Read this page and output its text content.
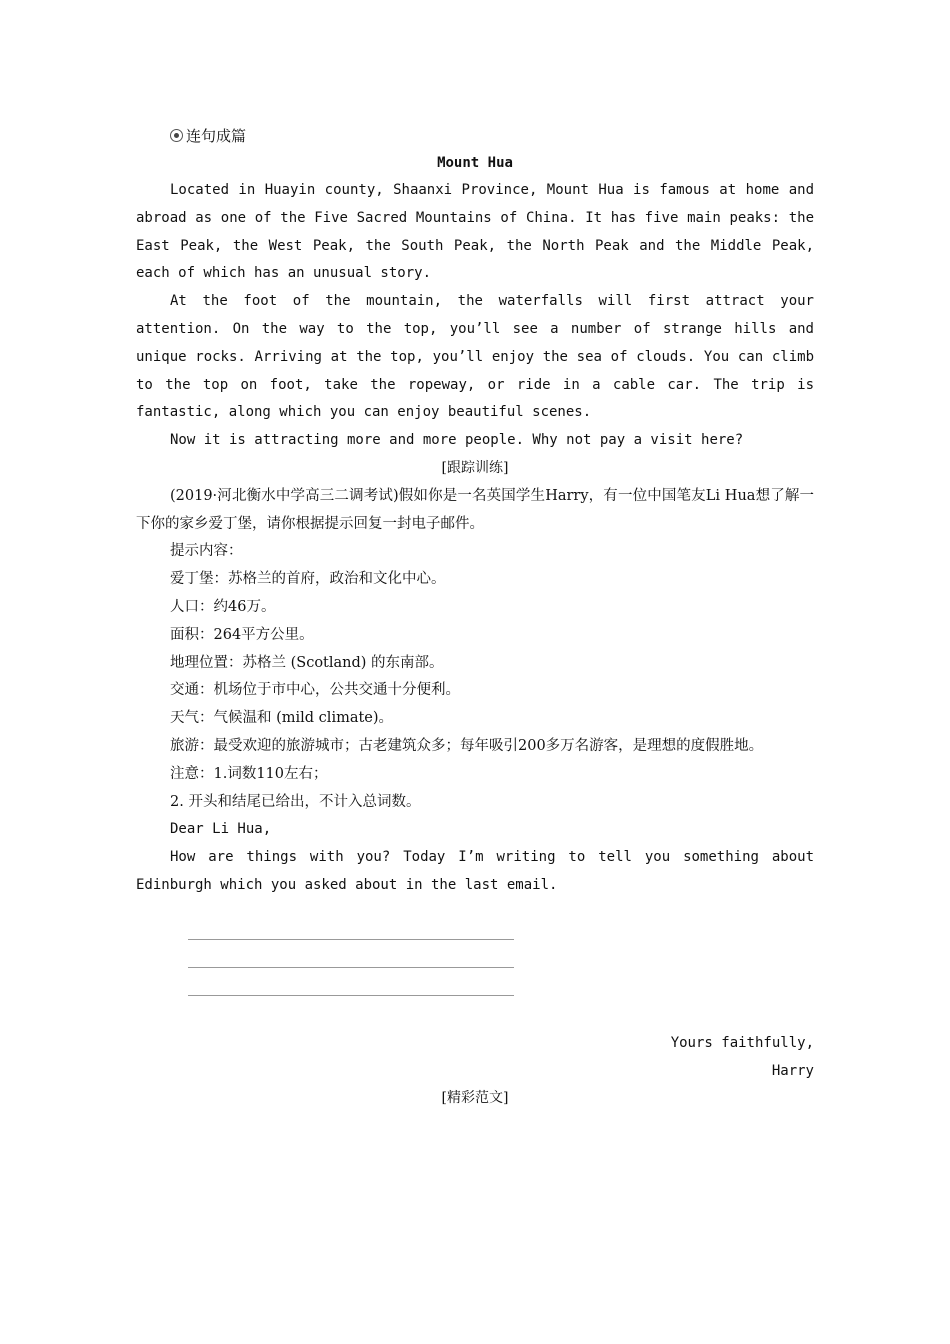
连句成篇
Mount Hua

Located in Huayin county, Shaanxi Province, Mount Hua is famous at home and abroad as one of the Five Sacred Mountains of China. It has five main peaks: the East Peak, the West Peak, the South Peak, the North Peak and the Middle Peak, each of which has an unusual story.

At the foot of the mountain, the waterfalls will first attract your attention. On the way to the top, you’ll see a number of strange hills and unique rocks. Arriving at the top, you’ll enjoy the sea of clouds. You can climb to the top on foot, take the ropeway, or ride in a cable car. The trip is fantastic, along which you can enjoy beautiful scenes.

Now it is attracting more and more people. Why not pay a visit here?

[跟踪训练]

(2019·河北衡水中学高三二调考试)假如你是一名英国学生Harry，有一位中国笔友Li Hua想了解一下你的家乡爱丁堡，请你根据提示回复一封电子邮件。

提示内容：

爱丁堡：苏格兰的首府，政治和文化中心。

人口：约46万。

面积：264平方公里。

地理位置：苏格兰 (Scotland) 的东南部。

交通：机场位于市中心，公共交通十分便利。

天气：气候温和 (mild climate)。

旅游：最受欢迎的旅游城市；古老建筑众多；每年吸引200多万名游客，是理想的度假胜地。

注意：1.词数110左右；

2. 开头和结尾已给出，不计入总词数。

Dear Li Hua,

How are things with you? Today I’m writing to tell you something about Edinburgh which you asked about in the last email.

Yours faithfully,

Harry

[精彩范文]
